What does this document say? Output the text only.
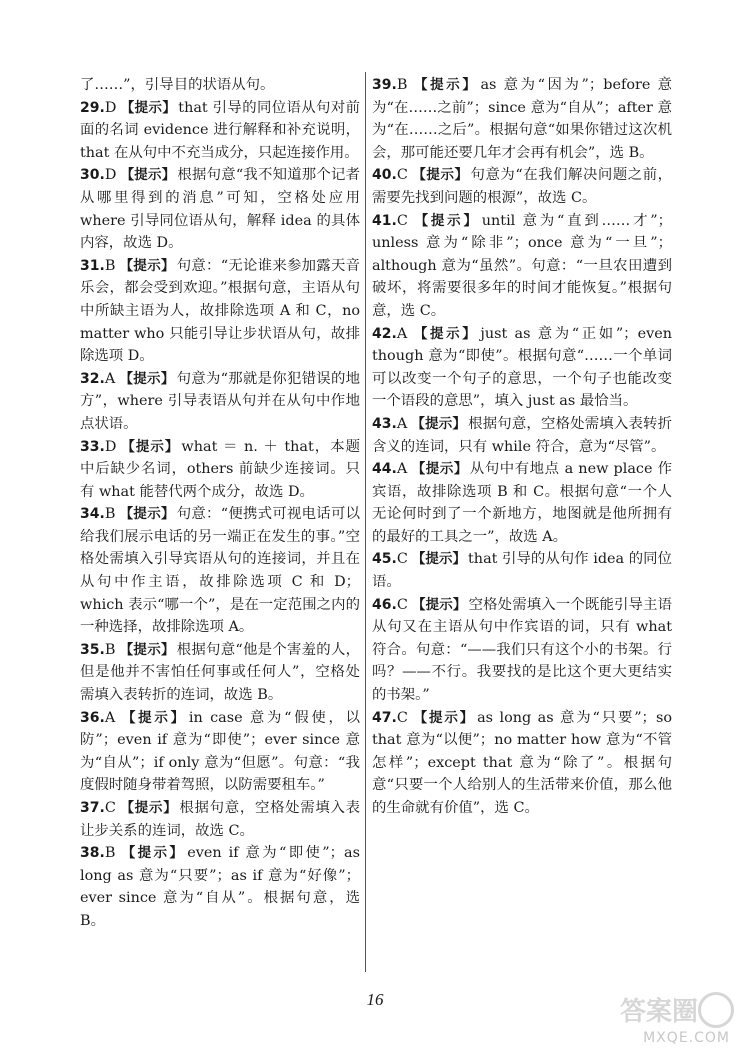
了……”，引导目的状语从句。
29.D 【提示】 that 引导的同位语从句对前面的名词 evidence 进行解释和补充说明，that 在从句中不充当成分，只起连接作用。
30.D 【提示】 根据句意“我不知道那个记者从哪里得到的消息”可知，空格处应用 where 引导同位语从句，解释 idea 的具体内容，故选 D。
31.B 【提示】 句意：“无论谁来参加露天音乐会，都会受到欢迎。”根据句意，主语从句中所缺主语为人，故排除选项 A 和 C，no matter who 只能引导让步状语从句，故排除选项 D。
32.A 【提示】 句意为“那就是你犯错误的地方”，where 引导表语从句并在从句中作地点状语。
33.D 【提示】 what ＝ n. ＋ that，本题中后缺少名词，others 前缺少连接词。只有 what 能替代两个成分，故选 D。
34.B 【提示】 句意：“便携式可视电话可以给我们展示电话的另一端正在发生的事。”空格处需填入引导宾语从句的连接词，并且在从句中作主语，故排除选项 C 和 D；which 表示“哪一个”，是在一定范围之内的一种选择，故排除选项 A。
35.B 【提示】 根据句意“他是个害羞的人，但是他并不害怕任何事或任何人”，空格处需填入表转折的连词，故选 B。
36.A 【提示】 in case 意为“假使，以防”；even if 意为“即使”；ever since 意为“自从”；if only 意为“但愿”。句意：“我度假时随身带着驾照，以防需要租车。”
37.C 【提示】 根据句意，空格处需填入表让步关系的连词，故选 C。
38.B 【提示】 even if 意为“即使”；as long as 意为“只要”；as if 意为“好像”；ever since 意为“自从”。根据句意，选 B。
39.B 【提示】 as 意为“因为”；before 意为“在……之前”；since 意为“自从”；after 意为“在……之后”。根据句意“如果你错过这次机会，那可能还要几年才会再有机会”，选 B。
40.C 【提示】 句意为“在我们解决问题之前，需要先找到问题的根源”，故选 C。
41.C 【提示】 until 意为“直到……才”；unless 意为“除非”；once 意为“一旦”；although 意为“虽然”。句意：“一旦农田遭到破坏，将需要很多年的时间才能恢复。”根据句意，选 C。
42.A 【提示】 just as 意为“正如”；even though 意为“即使”。根据句意“……一个单词可以改变一个句子的意思，一个句子也能改变一个语段的意思”，填入 just as 最恰当。
43.A 【提示】 根据句意，空格处需填入表转折含义的连词，只有 while 符合，意为“尽管”。
44.A 【提示】 从句中有地点 a new place 作宾语，故排除选项 B 和 C。根据句意“一个人无论何时到了一个新地方，地图就是他所拥有的最好的工具之一”，故选 A。
45.C 【提示】 that 引导的从句作 idea 的同位语。
46.C 【提示】 空格处需填入一个既能引导主语从句又在主语从句中作宾语的词，只有 what 符合。句意：“——我们只有这个小的书架。行吗？——不行。我要找的是比这个更大更结实的书架。”
47.C 【提示】 as long as 意为“只要”；so that 意为“以便”；no matter how 意为“不管怎样”；except that 意为“除了”。根据句意“只要一个人给别人的生活带来价值，那么他的生命就有价值”，选 C。
16	答案圈
MXQE.COM
